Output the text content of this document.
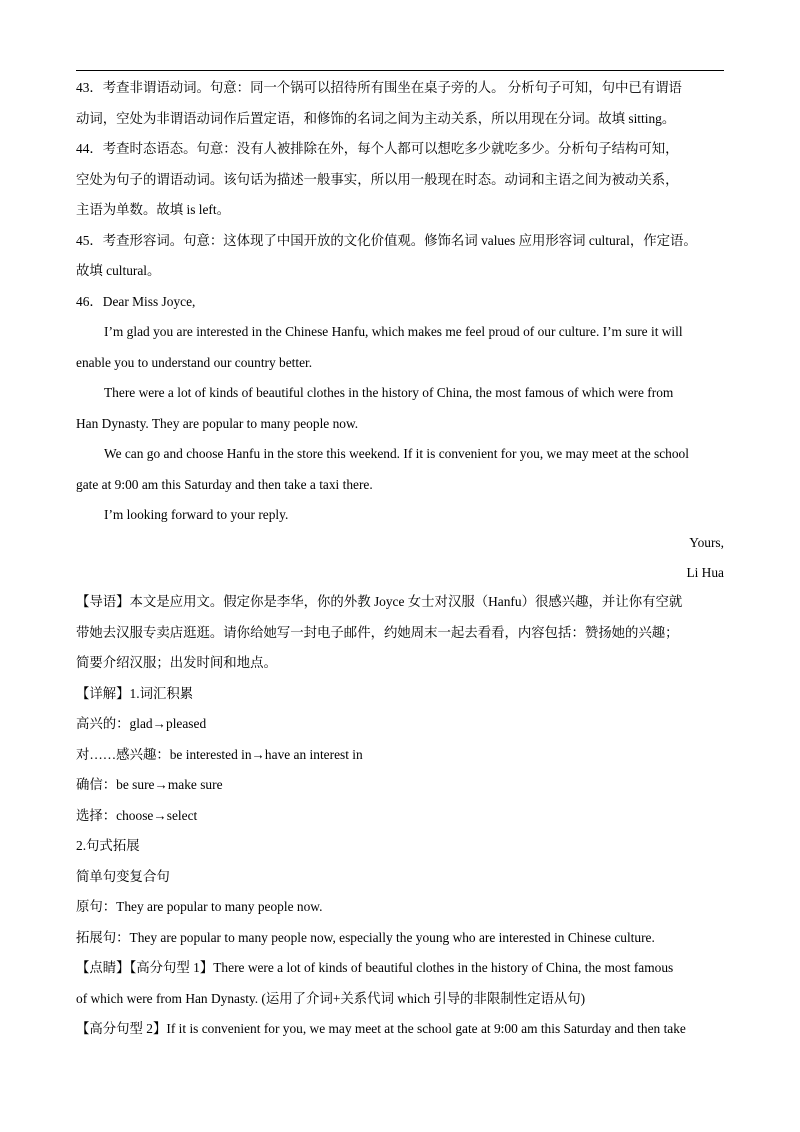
43．考查非谓语动词。句意：同一个锅可以招待所有围坐在桌子旁的人。 分析句子可知，句中已有谓语
动词，空处为非谓语动词作后置定语，和修饰的名词之间为主动关系，所以用现在分词。故填 sitting。
44．考查时态语态。句意：没有人被排除在外，每个人都可以想吃多少就吃多少。分析句子结构可知，
空处为句子的谓语动词。该句话为描述一般事实，所以用一般现在时态。动词和主语之间为被动关系，
主语为单数。故填 is left。
45．考查形容词。句意：这体现了中国开放的文化价值观。修饰名词 values 应用形容词 cultural，作定语。
故填 cultural。
46．Dear Miss Joyce,
I’m glad you are interested in the Chinese Hanfu, which makes me feel proud of our culture. I’m sure it will
enable you to understand our country better.
There were a lot of kinds of beautiful clothes in the history of China, the most famous of which were from
Han Dynasty. They are popular to many people now.
We can go and choose Hanfu in the store this weekend. If it is convenient for you, we may meet at the school
gate at 9:00 am this Saturday and then take a taxi there.
I’m looking forward to your reply.
Yours,
Li Hua
【导语】本文是应用文。假定你是李华，你的外教 Joyce 女士对汉服（Hanfu）很感兴趣，并让你有空就
带她去汉服专卖店逛逛。请你给她写一封电子邮件，约她周末一起去看看，内容包括：赞扬她的兴趣；
简要介绍汉服；出发时间和地点。
【详解】1.词汇积累
高兴的：glad→pleased
对……感兴趣：be interested in→have an interest in
确信：be sure→make sure
选择：choose→select
2.句式拓展
简单句变复合句
原句：They are popular to many people now.
拓展句：They are popular to many people now, especially the young who are interested in Chinese culture.
【点睛】【高分句型 1】There were a lot of kinds of beautiful clothes in the history of China, the most famous
of which were from Han Dynasty. (运用了介词+关系代词 which 引导的非限制性定语从句)
【高分句型 2】If it is convenient for you, we may meet at the school gate at 9:00 am this Saturday and then take
